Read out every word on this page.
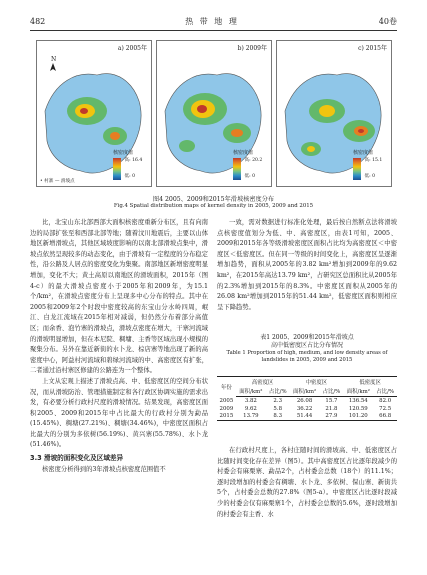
482	热 带 地 理	40卷
N
a) 2005年
核密度值

高: 16.4
低: 0
• 村寨 — 滑坡点
b) 2009年
核密度值

高: 20.2
低: 0
c) 2015年
核密度值

高: 15.1
低: 0
图4 2005、2009和2015年滑坡核密度分布
Fig.4 Spatial distribution maps of kernel density in 2005, 2009 and 2015

比，北宝山东北部西部大面积核密度重新分布区，且有向南边的局部扩张至和西部北部等地；随着汶川地震后，主要以山体地区新增滑坡点，其他区域坡度影响的以南北部滑坡点集中，滑坡点依然呈现较多的动态变化，由于滑坡有一定程度的分布稳定性，沿公路及人居点的密度变化为集聚。南部地区新增密度明显增加，变化不大；黄土高原以南地区的滑坡面积，2015年（图4-c）的最大滑坡点密度小于2005年和2009年，为15.1个/km²，在滑坡点密度分布上呈现多中心分布的特点。其中在2005和2009年2个时段中密度较高的东宝山分水岭四周，岷江、白龙江流域在2015年相对减弱，但仍然分布着部分高值区；而余香、泡竹寨的滑坡点，滑坡点密度在增大，干寨河流域的滑坡明显增加，但在本尼院、稠墉、主香等区域出现小规模的聚集分布。另外在靠近新街的水卜龙、棕店寨等地出现了新的高密度中心，阿益村河流域和碧绿河流域的中、高密度区有扩张，二者通过沿村寨区修建的公路连为一个整体。

上文从宏观上描述了滑坡点高、中、低密度区的空间分布状况，而从滑坡防治、管理措施制定和各行政区协调实施的需求出发，有必要分析行政村尺度的滑坡情况。结果发现，高密度区面积2005、2009和2015年中占比最大的行政村分别为勐品(15.45%)、稠塘(27.21%)、稠塘(34.46%)，中密度区面积占比最大的分别为多依树(56.19%)、黄兴寨(55.78%)、水卜龙(51.46%)。

3.3 滑坡的面积变化及区域差异

核密度分析得到的3年滑坡点核密度范围值不

一致，需对数据进行标准化处理，最后按自然断点法将滑坡点核密度值划分为低、中、高密度区，由表1可知，2005、2009和2015年各等级滑坡密度区面积占比均为高密度区＜中密度区＜低密度区。但在同一等级的时间变化上，高密度区呈逐渐增加趋势，面积从2005年的3.82 km²增加到2009年的9.62 km²，在2015年高达13.79 km²，占研究区总面积比从2005年的2.3%增加到2015年的8.3%。中密度区面积从2005年的26.08 km²增加到2015年的51.44 km²，低密度区面积则相应呈下降趋势。

表1 2005、2009和2015年滑坡点
高中低密度区占比分布情况
Table 1 Proportion of high, medium, and low density areas of landslides in 2005, 2009 and 2015
年份	高密度区		中密度区		低密度区	
	面积/km²	占比/%	面积/km²	占比/%	面积/km²	占比/%
2005	3.82	2.3	26.08	15.7	136.54	82.0
2009	9.62	5.8	36.22	21.8	120.59	72.5
2015	13.79	8.3	51.44	27.9	101.20	66.8

在行政村尺度上，各村庄随时间的滑坡高、中、低密度区占比随时间变化存在差异（图5）。其中高密度区占比逐年段减少的村委会有麻栗寨、勐品2个，占村委会总数（18个）的11.1%；逐时段增加的村委会有稠塘、水卜龙、多依树、保山寨、新街共5个，占村委会总数的27.8%（图5-a）。中密度区占比逐时段减少的村委会仅有麻栗寨1个，占村委会总数的5.6%，逐时段增加的村委会有主香、水
